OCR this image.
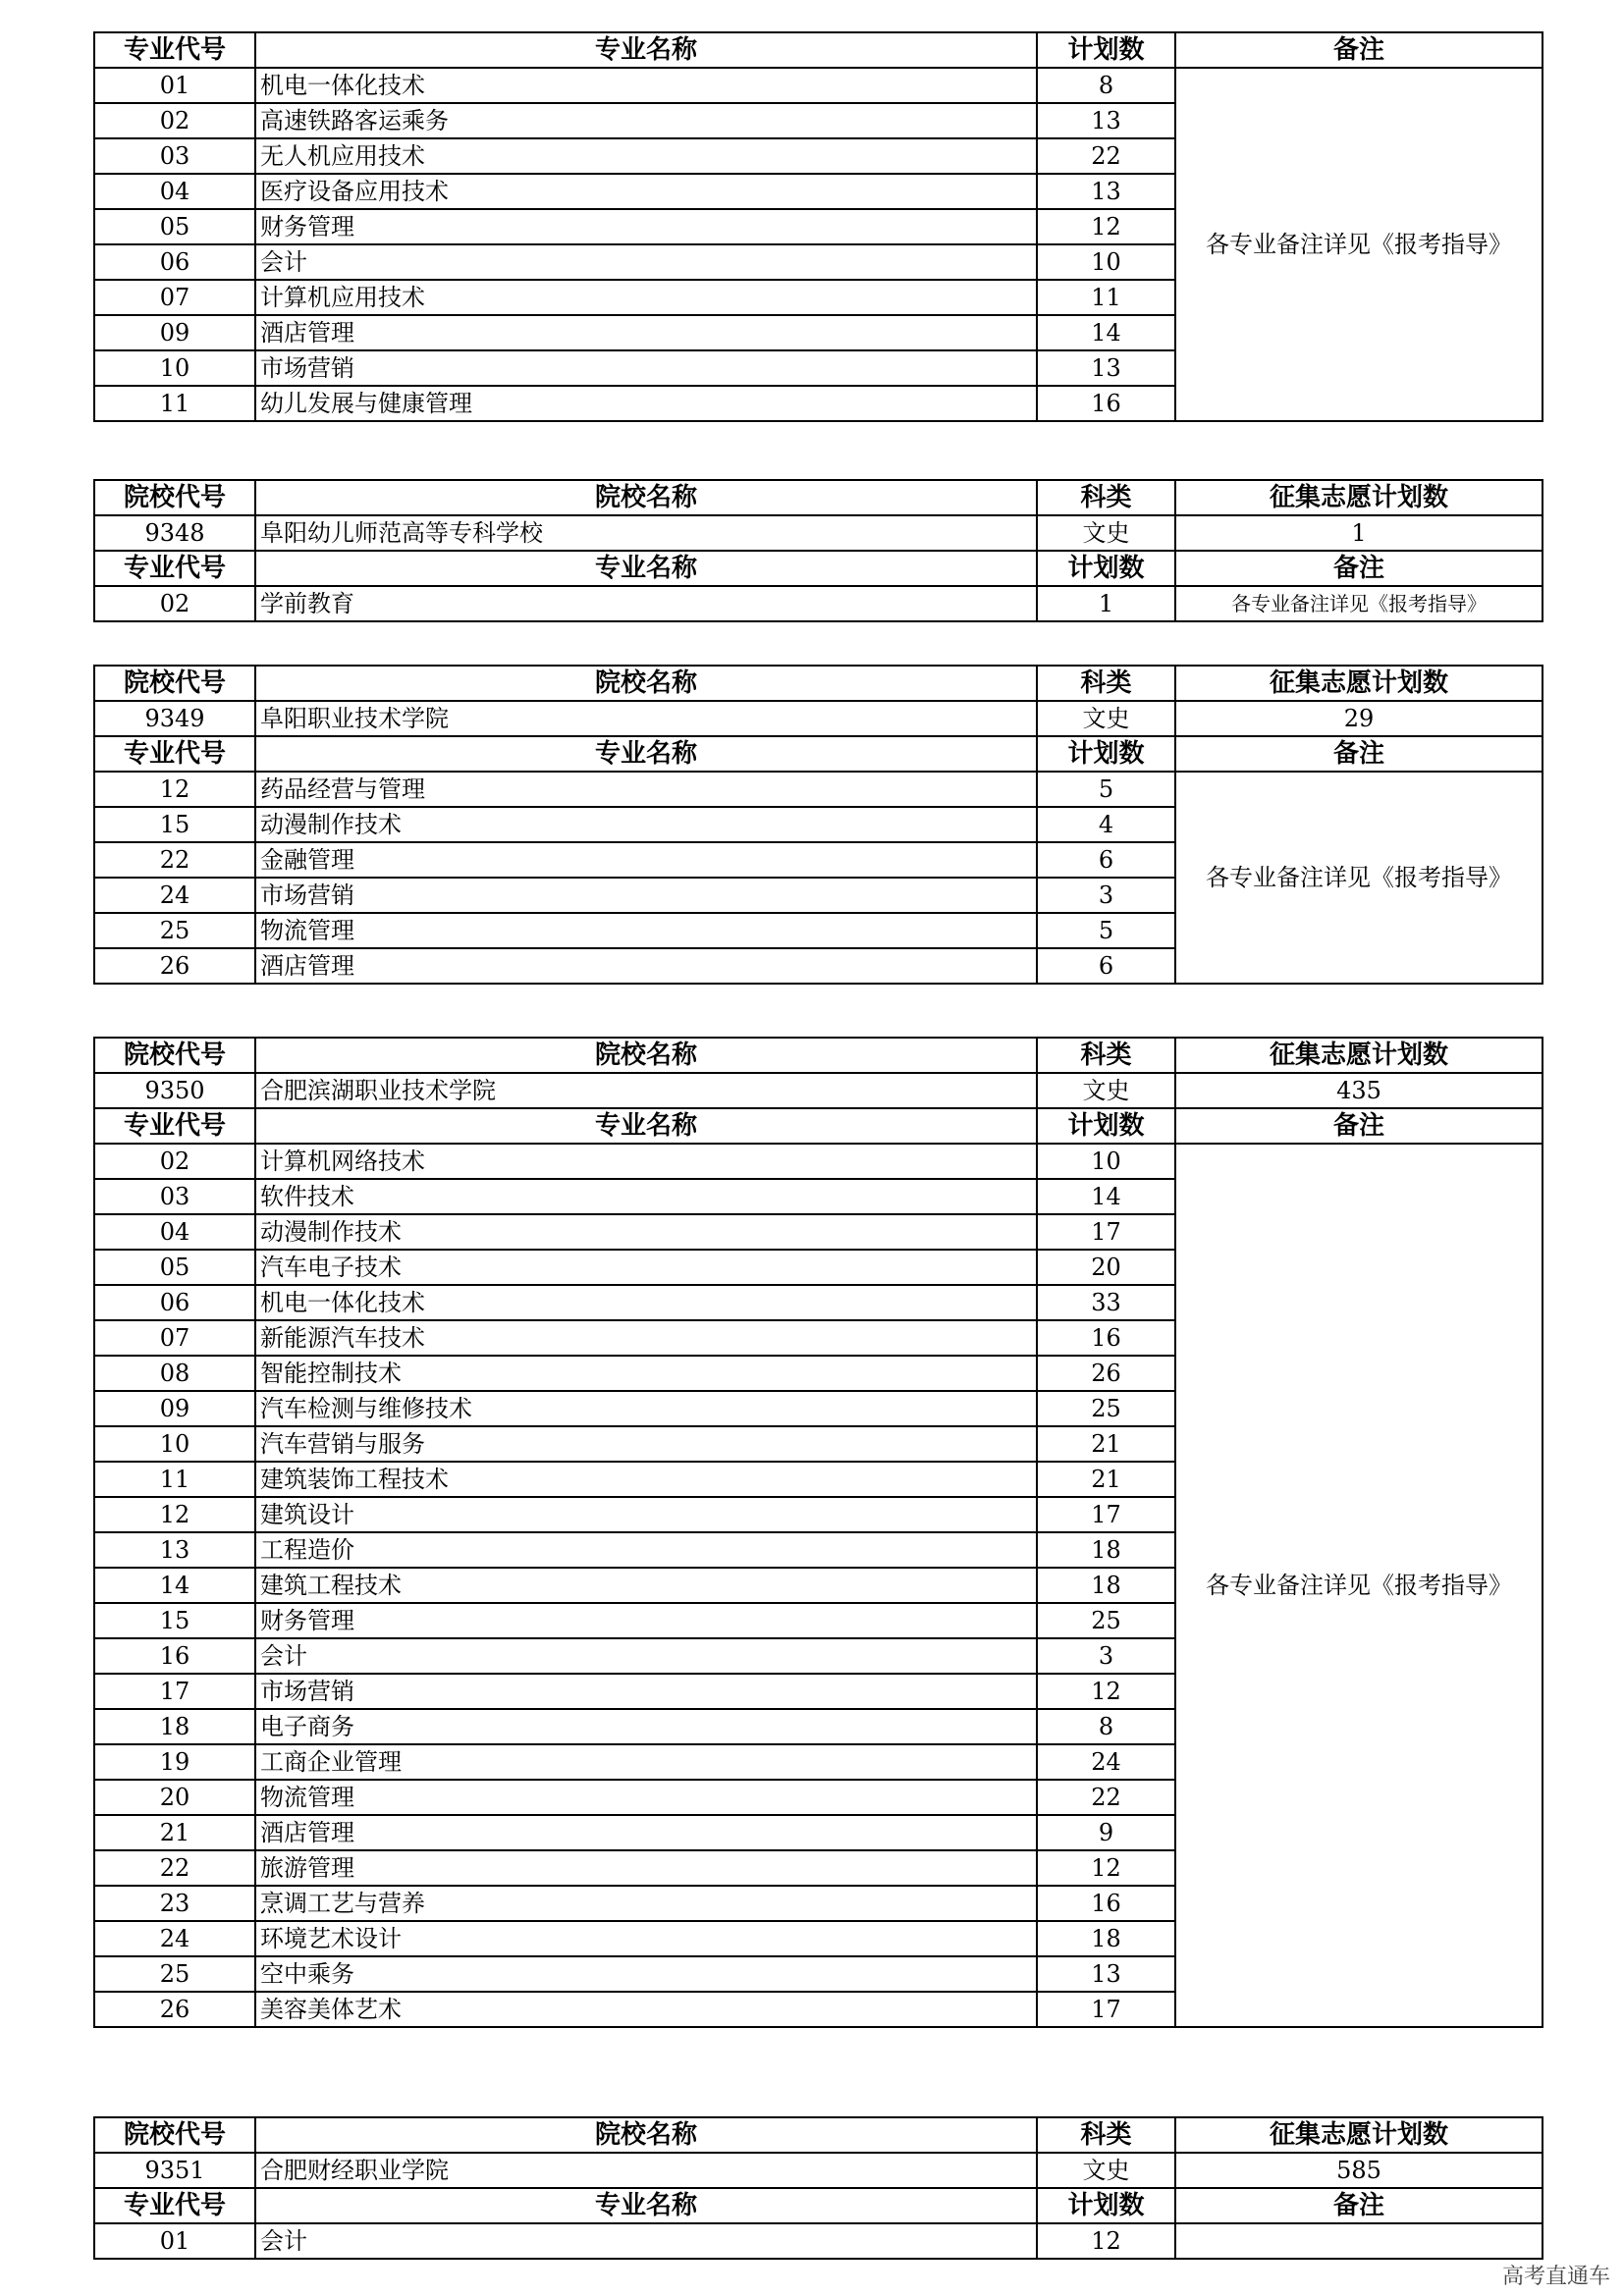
专业代号	专业名称	计划数	备注
01	机电一体化技术	8	各专业备注详见《报考指导》
02	高速铁路客运乘务	13	
03	无人机应用技术	22	
04	医疗设备应用技术	13	
05	财务管理	12	
06	会计	10	
07	计算机应用技术	11	
09	酒店管理	14	
10	市场营销	13	
11	幼儿发展与健康管理	16	
院校代号	院校名称	科类	征集志愿计划数
9348	阜阳幼儿师范高等专科学校	文史	1
专业代号	专业名称	计划数	备注
02	学前教育	1	各专业备注详见《报考指导》
院校代号	院校名称	科类	征集志愿计划数
9349	阜阳职业技术学院	文史	29
专业代号	专业名称	计划数	备注
12	药品经营与管理	5	各专业备注详见《报考指导》
15	动漫制作技术	4	
22	金融管理	6	
24	市场营销	3	
25	物流管理	5	
26	酒店管理	6	
院校代号	院校名称	科类	征集志愿计划数
9350	合肥滨湖职业技术学院	文史	435
专业代号	专业名称	计划数	备注
02	计算机网络技术	10	各专业备注详见《报考指导》
03	软件技术	14	
04	动漫制作技术	17	
05	汽车电子技术	20	
06	机电一体化技术	33	
07	新能源汽车技术	16	
08	智能控制技术	26	
09	汽车检测与维修技术	25	
10	汽车营销与服务	21	
11	建筑装饰工程技术	21	
12	建筑设计	17	
13	工程造价	18	
14	建筑工程技术	18	
15	财务管理	25	
16	会计	3	
17	市场营销	12	
18	电子商务	8	
19	工商企业管理	24	
20	物流管理	22	
21	酒店管理	9	
22	旅游管理	12	
23	烹调工艺与营养	16	
24	环境艺术设计	18	
25	空中乘务	13	
26	美容美体艺术	17	
院校代号	院校名称	科类	征集志愿计划数
9351	合肥财经职业学院	文史	585
专业代号	专业名称	计划数	备注
01	会计	12	
高考直通车
